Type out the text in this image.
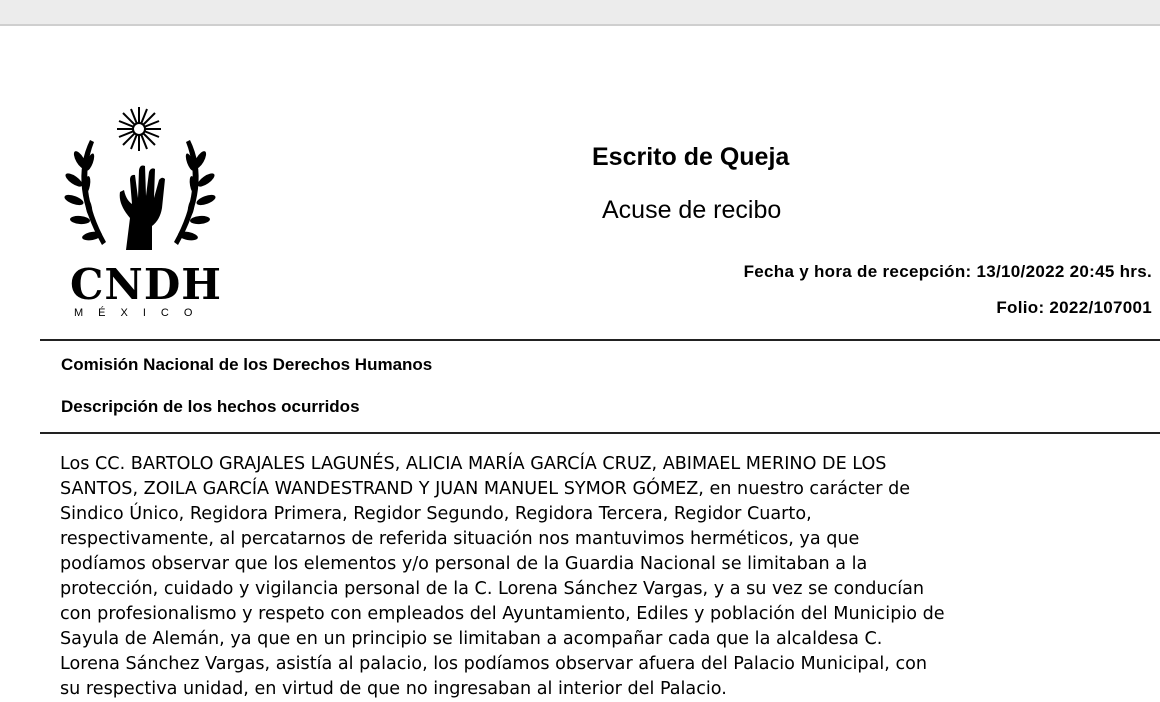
CNDH
MÉXICO
Escrito de Queja
Acuse de recibo
Fecha y hora de recepción: 13/10/2022 20:45 hrs.
Folio: 2022/107001
Comisión Nacional de los Derechos Humanos
Descripción de los hechos ocurridos
Los CC. BARTOLO GRAJALES LAGUNÉS, ALICIA MARÍA GARCÍA CRUZ, ABIMAEL MERINO DE LOS
SANTOS, ZOILA GARCÍA WANDESTRAND Y JUAN MANUEL SYMOR GÓMEZ, en nuestro carácter de
Sindico Único, Regidora Primera, Regidor Segundo, Regidora Tercera, Regidor Cuarto,
respectivamente, al percatarnos de referida situación nos mantuvimos herméticos, ya que
podíamos observar que los elementos y/o personal de la Guardia Nacional se limitaban a la
protección, cuidado y vigilancia personal de la C. Lorena Sánchez Vargas, y a su vez se conducían
con profesionalismo y respeto con empleados del Ayuntamiento, Ediles y población del Municipio de
Sayula de Alemán, ya que en un principio se limitaban a acompañar cada que la alcaldesa C.
Lorena Sánchez Vargas, asistía al palacio, los podíamos observar afuera del Palacio Municipal, con
su respectiva unidad, en virtud de que no ingresaban al interior del Palacio.
